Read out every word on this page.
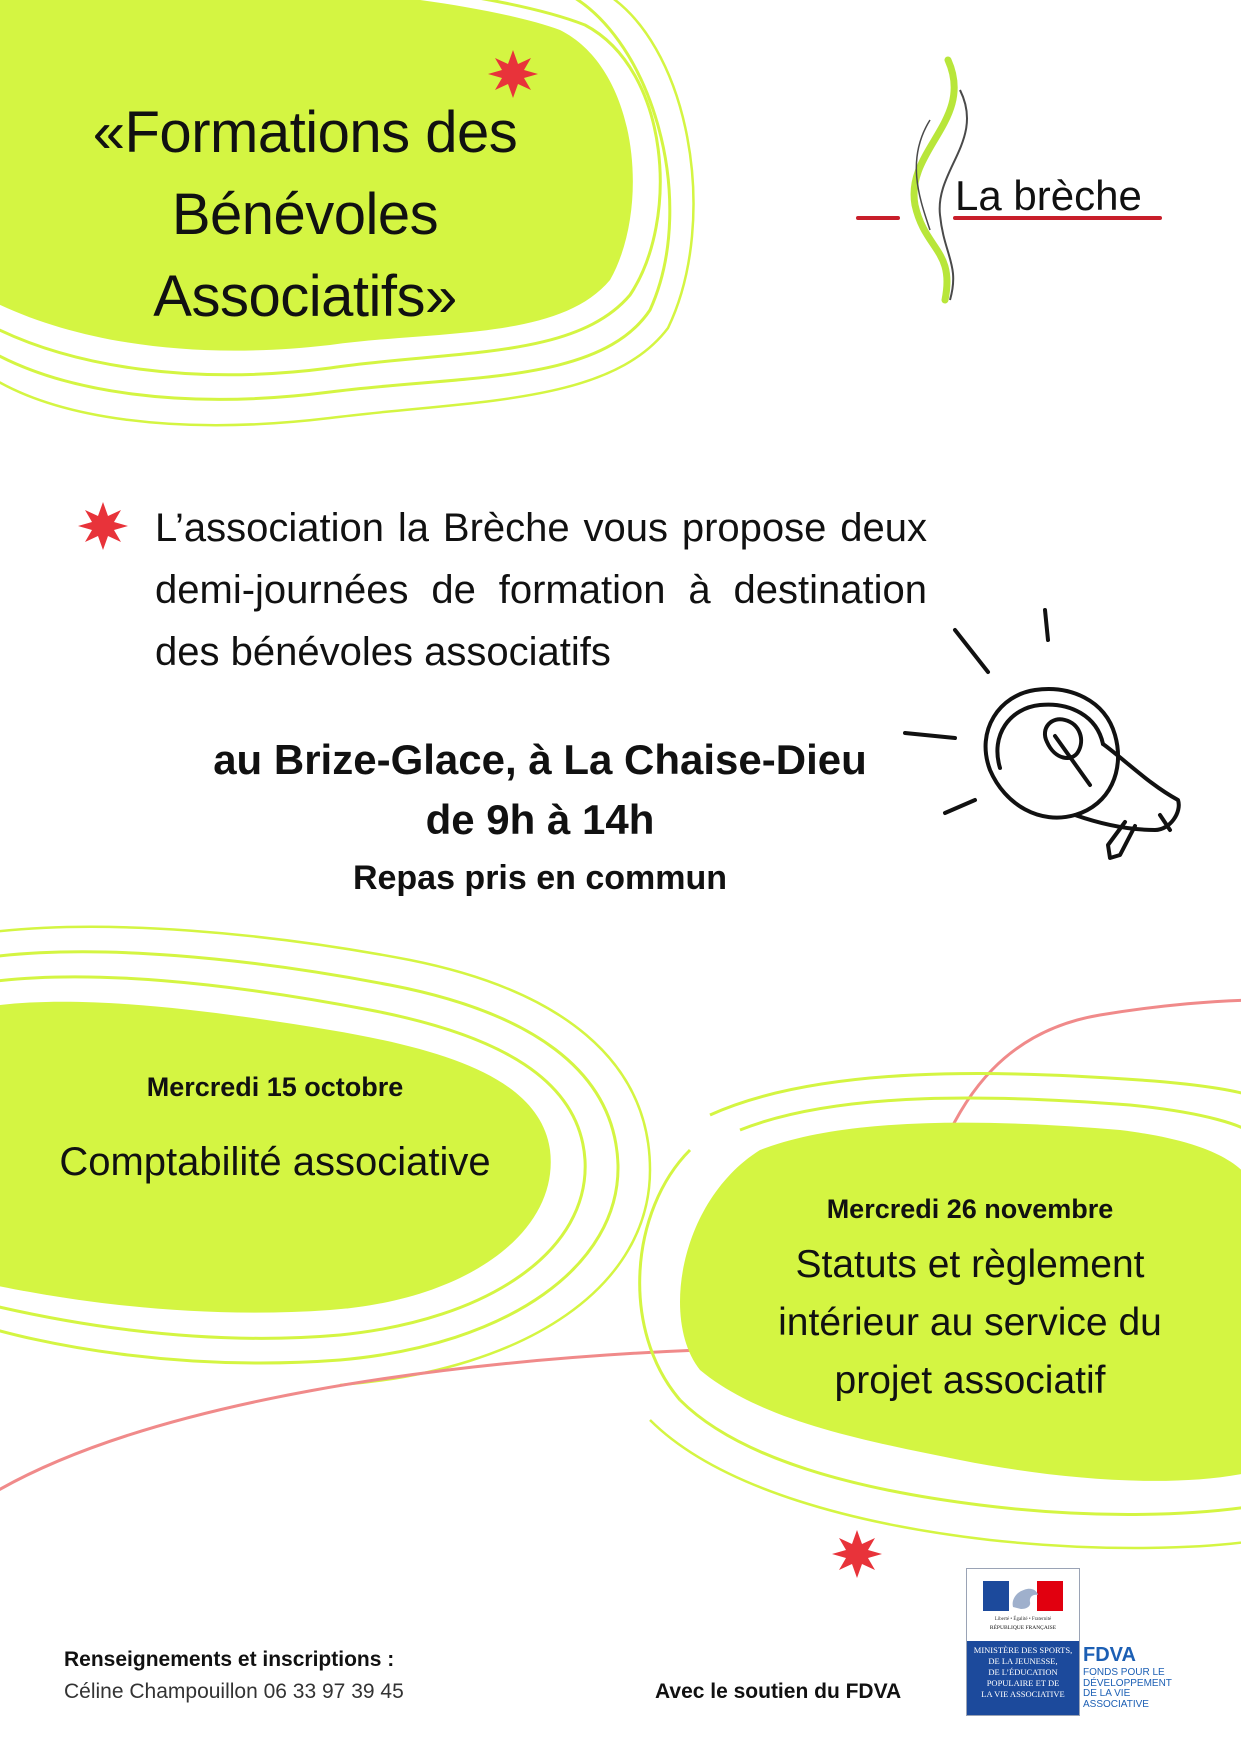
«Formations des
Bénévoles
Associatifs»
La brèche
L’association la Brèche vous propose deux demi-journées de formation à destination des bénévoles associatifs
au Brize-Glace, à La Chaise-Dieu
de 9h à 14h
Repas pris en commun
Mercredi 15 octobre
Comptabilité associative
Mercredi 26 novembre
Statuts et règlement
intérieur au service du
projet associatif
Renseignements et inscriptions :
Céline Champouillon 06 33 97 39 45	Avec le soutien du FDVA
Liberté • Égalité • Fraternité
RÉPUBLIQUE FRANÇAISE
MINISTÈRE DES SPORTS,
DE LA JEUNESSE,
DE L’ÉDUCATION
POPULAIRE ET DE
LA VIE ASSOCIATIVE
FDVA
FONDS POUR LE
DÉVELOPPEMENT
DE LA VIE
ASSOCIATIVE
